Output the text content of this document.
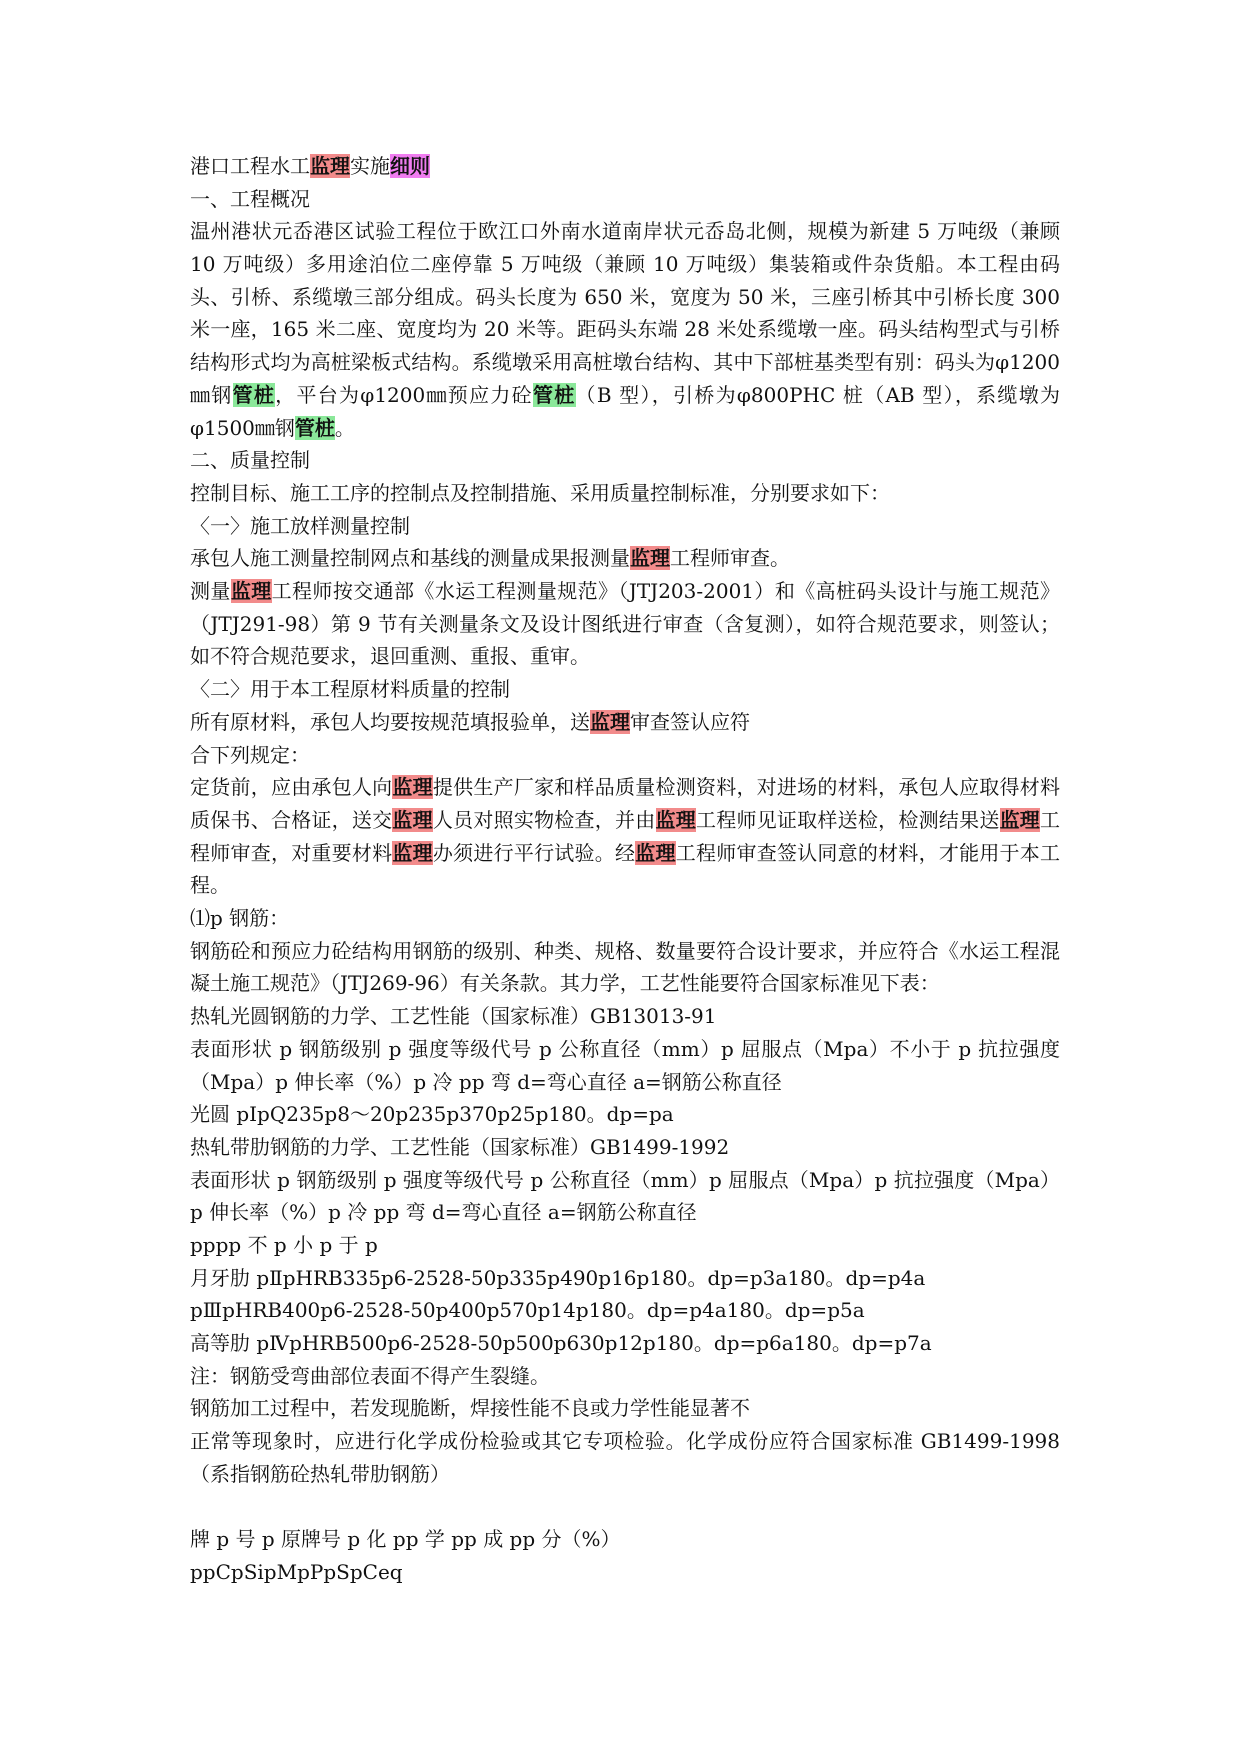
港口工程水工监理实施细则
一、工程概况
温州港状元岙港区试验工程位于欧江口外南水道南岸状元岙岛北侧，规模为新建 5 万吨级（兼顾 10 万吨级）多用途泊位二座停靠 5 万吨级（兼顾 10 万吨级）集装箱或件杂货船。本工程由码头、引桥、系缆墩三部分组成。码头长度为 650 米，宽度为 50 米，三座引桥其中引桥长度 300 米一座，165 米二座、宽度均为 20 米等。距码头东端 28 米处系缆墩一座。码头结构型式与引桥结构形式均为高桩梁板式结构。系缆墩采用高桩墩台结构、其中下部桩基类型有别：码头为φ1200㎜钢管桩，平台为φ1200㎜预应力砼管桩（B 型），引桥为φ800PHC 桩（AB 型），系缆墩为φ1500㎜钢管桩。
二、质量控制
控制目标、施工工序的控制点及控制措施、采用质量控制标准，分别要求如下：
〈一〉施工放样测量控制
承包人施工测量控制网点和基线的测量成果报测量监理工程师审查。
测量监理工程师按交通部《水运工程测量规范》（JTJ203-2001）和《高桩码头设计与施工规范》（JTJ291-98）第 9 节有关测量条文及设计图纸进行审查（含复测），如符合规范要求，则签认；如不符合规范要求，退回重测、重报、重审。
〈二〉用于本工程原材料质量的控制
所有原材料，承包人均要按规范填报验单，送监理审查签认应符
合下列规定：
定货前，应由承包人向监理提供生产厂家和样品质量检测资料，对进场的材料，承包人应取得材料质保书、合格证，送交监理人员对照实物检查，并由监理工程师见证取样送检，检测结果送监理工程师审查，对重要材料监理办须进行平行试验。经监理工程师审查签认同意的材料，才能用于本工程。
⑴p 钢筋：
钢筋砼和预应力砼结构用钢筋的级别、种类、规格、数量要符合设计要求，并应符合《水运工程混凝土施工规范》（JTJ269-96）有关条款。其力学，工艺性能要符合国家标准见下表：
热轧光圆钢筋的力学、工艺性能（国家标准）GB13013-91
表面形状 p 钢筋级别 p 强度等级代号 p 公称直径（mm）p 屈服点（Mpa）不小于 p 抗拉强度（Mpa）p 伸长率（%）p 冷 pp 弯 d=弯心直径 a=钢筋公称直径
光圆 pⅠpQ235p8～20p235p370p25p180。dp=pa
热轧带肋钢筋的力学、工艺性能（国家标准）GB1499-1992
表面形状 p 钢筋级别 p 强度等级代号 p 公称直径（mm）p 屈服点（Mpa）p 抗拉强度（Mpa）p 伸长率（%）p 冷 pp 弯 d=弯心直径 a=钢筋公称直径
pppp 不 p 小 p 于 p
月牙肋 pⅡpHRB335p6-2528-50p335p490p16p180。dp=p3a180。dp=p4a
pⅢpHRB400p6-2528-50p400p570p14p180。dp=p4a180。dp=p5a
高等肋 pⅣpHRB500p6-2528-50p500p630p12p180。dp=p6a180。dp=p7a
注：钢筋受弯曲部位表面不得产生裂缝。
钢筋加工过程中，若发现脆断，焊接性能不良或力学性能显著不
正常等现象时，应进行化学成份检验或其它专项检验。化学成份应符合国家标准 GB1499-1998（系指钢筋砼热轧带肋钢筋）
牌 p 号 p 原牌号 p 化 pp 学 pp 成 pp 分（%）
ppCpSipMpPpSpCeq
